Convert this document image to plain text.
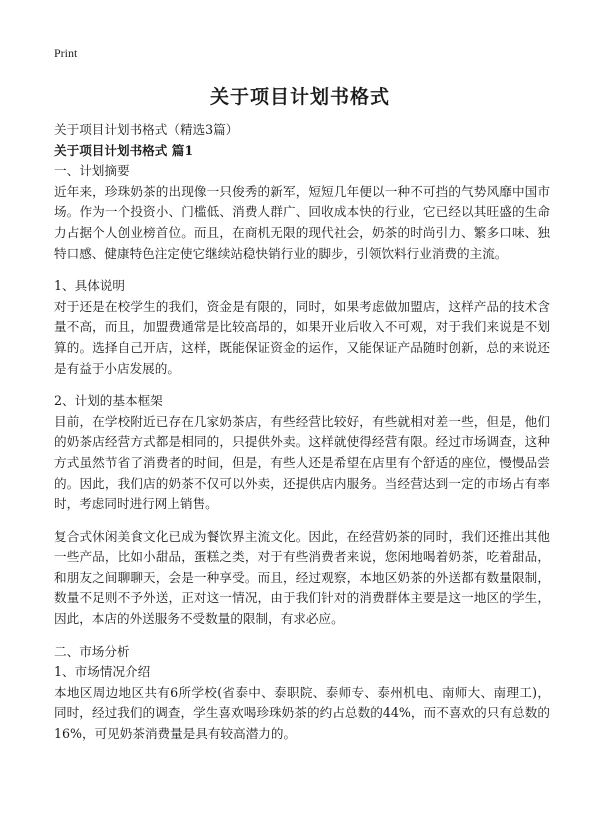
Print
关于项目计划书格式

关于项目计划书格式（精选3篇）

关于项目计划书格式 篇1

一、计划摘要

近年来，珍珠奶茶的出现像一只俊秀的新军，短短几年便以一种不可挡的气势风靡中国市场。作为一个投资小、门槛低、消费人群广、回收成本快的行业，它已经以其旺盛的生命力占据个人创业榜首位。而且，在商机无限的现代社会，奶茶的时尚引力、繁多口味、独特口感、健康特色注定使它继续站稳快销行业的脚步，引领饮料行业消费的主流。

1、具体说明

对于还是在校学生的我们，资金是有限的，同时，如果考虑做加盟店，这样产品的技术含量不高，而且，加盟费通常是比较高昂的，如果开业后收入不可观，对于我们来说是不划算的。选择自己开店，这样，既能保证资金的运作，又能保证产品随时创新，总的来说还是有益于小店发展的。

2、计划的基本框架

目前，在学校附近已存在几家奶茶店，有些经营比较好，有些就相对差一些，但是，他们的奶茶店经营方式都是相同的，只提供外卖。这样就使得经营有限。经过市场调查，这种方式虽然节省了消费者的时间，但是，有些人还是希望在店里有个舒适的座位，慢慢品尝的。因此，我们店的奶茶不仅可以外卖，还提供店内服务。当经营达到一定的市场占有率时，考虑同时进行网上销售。

复合式休闲美食文化已成为餐饮界主流文化。因此，在经营奶茶的同时，我们还推出其他一些产品，比如小甜品，蛋糕之类，对于有些消费者来说，您闲地喝着奶茶，吃着甜品，和朋友之间聊聊天，会是一种享受。而且，经过观察，本地区奶茶的外送都有数量限制，数量不足则不予外送，正对这一情况，由于我们针对的消费群体主要是这一地区的学生，因此，本店的外送服务不受数量的限制，有求必应。

二、市场分析

1、市场情况介绍

本地区周边地区共有6所学校(省泰中、泰职院、泰师专、泰州机电、南师大、南理工)，同时，经过我们的调查，学生喜欢喝珍珠奶茶的约占总数的44%，而不喜欢的只有总数的16%，可见奶茶消费量是具有较高潜力的。
